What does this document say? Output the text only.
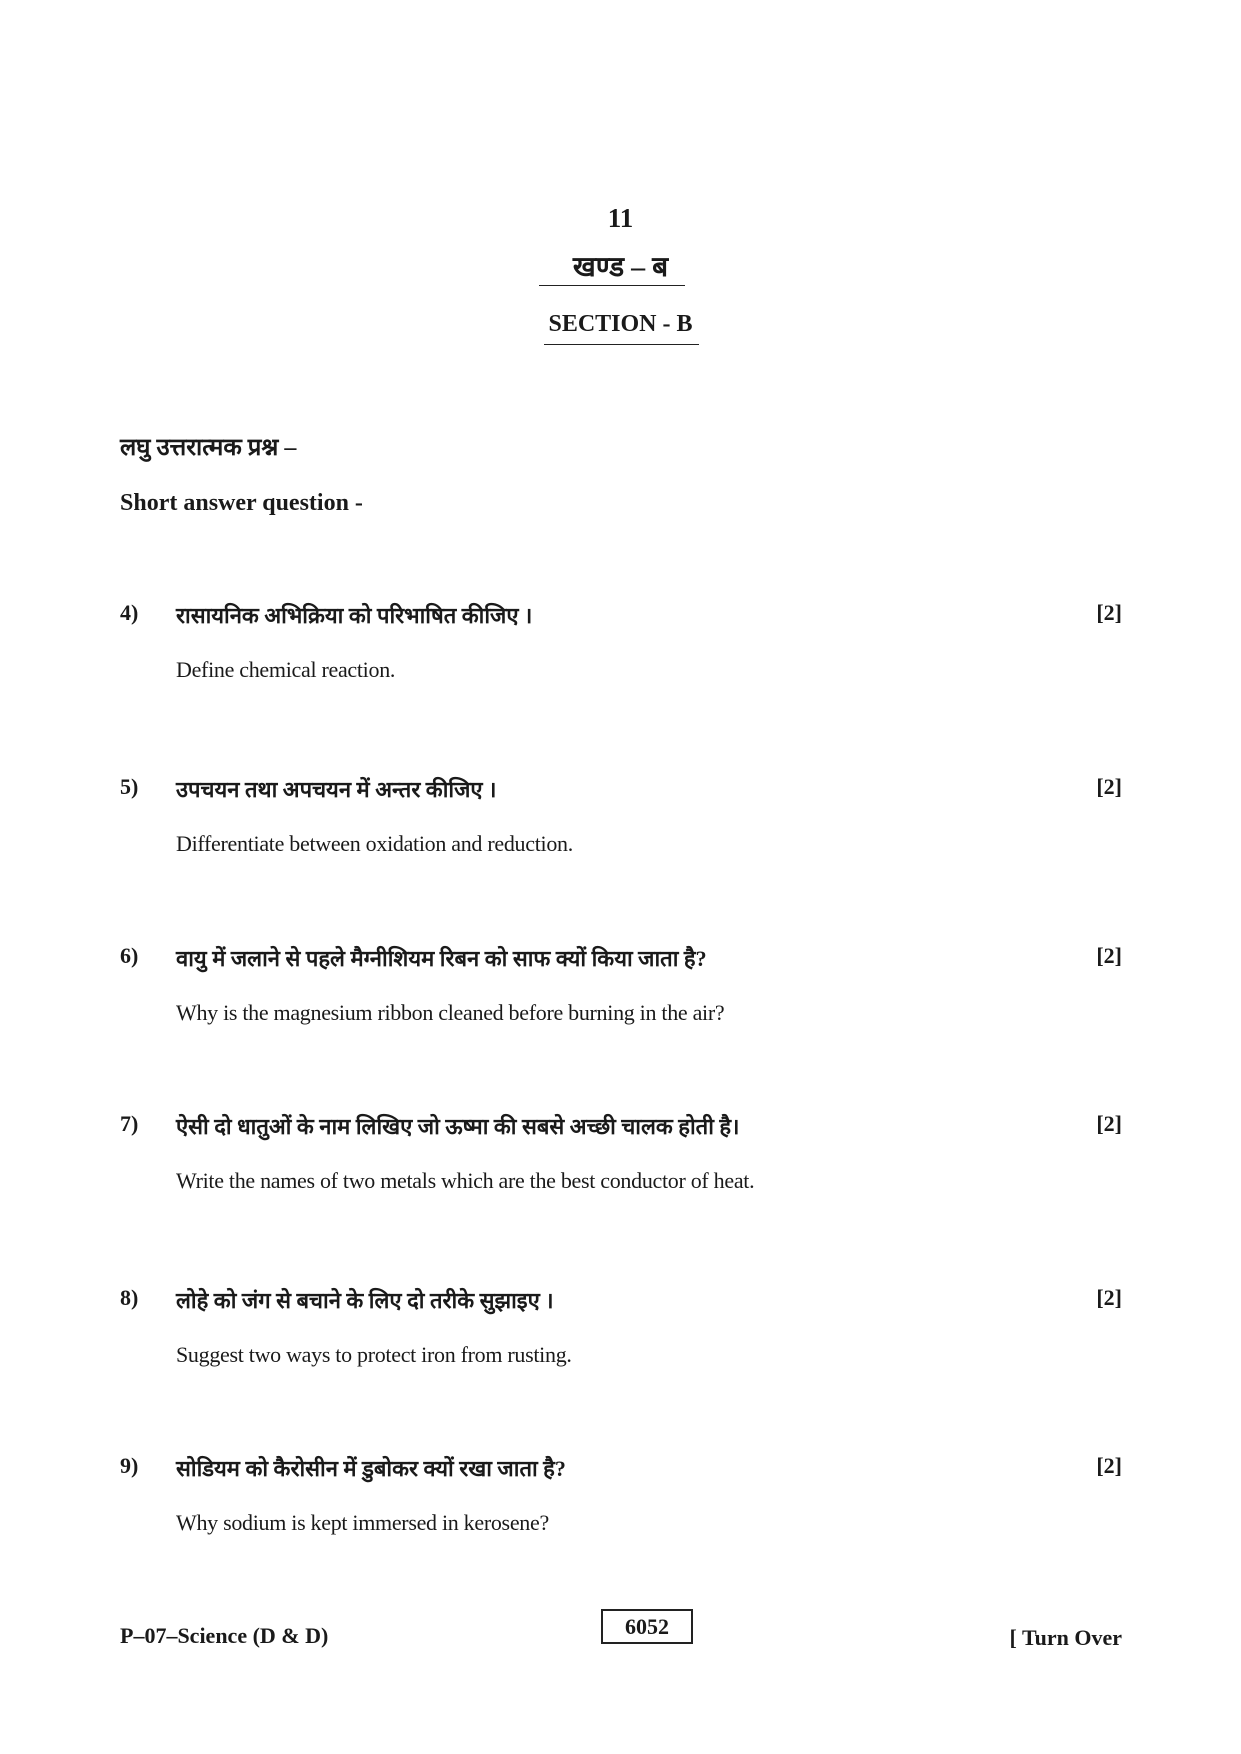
11
खण्ड – ब
SECTION - B
लघु उत्तरात्मक प्रश्न –
Short answer question -
4) रासायनिक अभिक्रिया को परिभाषित कीजिए ।	[2]
Define chemical reaction.
5) उपचयन तथा अपचयन में अन्तर कीजिए ।	[2]
Differentiate between oxidation and reduction.
6) वायु में जलाने से पहले मैग्नीशियम रिबन को साफ क्यों किया जाता है?	[2]
Why is the magnesium ribbon cleaned before burning in the air?
7) ऐसी दो धातुओं के नाम लिखिए जो ऊष्मा की सबसे अच्छी चालक होती है।	[2]
Write the names of two metals which are the best conductor of heat.
8) लोहे को जंग से बचाने के लिए दो तरीके सुझाइए ।	[2]
Suggest two ways to protect iron from rusting.
9) सोडियम को कैरोसीन में डुबोकर क्यों रखा जाता है?	[2]
Why sodium is kept immersed in kerosene?
P–07–Science (D & D)	6052	[ Turn Over
